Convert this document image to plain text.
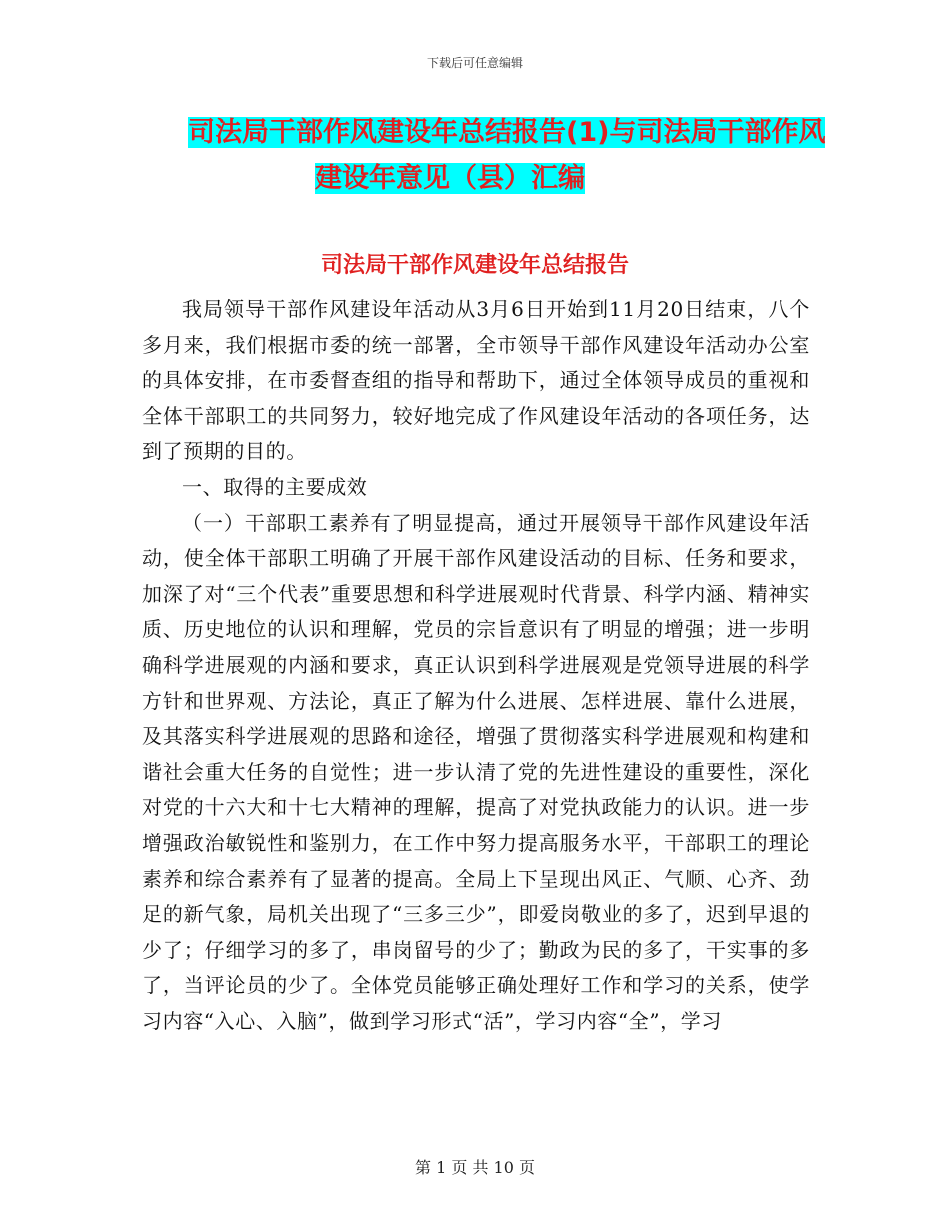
下载后可任意编辑
司法局干部作风建设年总结报告(1)与司法局干部作风
建设年意见（县）汇编
司法局干部作风建设年总结报告

我局领导干部作风建设年活动从3月6日开始到11月20日结束，八个多月来，我们根据市委的统一部署，全市领导干部作风建设年活动办公室的具体安排，在市委督查组的指导和帮助下，通过全体领导成员的重视和全体干部职工的共同努力，较好地完成了作风建设年活动的各项任务，达到了预期的目的。

一、取得的主要成效

（一）干部职工素养有了明显提高，通过开展领导干部作风建设年活动，使全体干部职工明确了开展干部作风建设活动的目标、任务和要求，加深了对“三个代表”重要思想和科学进展观时代背景、科学内涵、精神实质、历史地位的认识和理解，党员的宗旨意识有了明显的增强；进一步明确科学进展观的内涵和要求，真正认识到科学进展观是党领导进展的科学方针和世界观、方法论，真正了解为什么进展、怎样进展、靠什么进展，及其落实科学进展观的思路和途径，增强了贯彻落实科学进展观和构建和谐社会重大任务的自觉性；进一步认清了党的先进性建设的重要性，深化对党的十六大和十七大精神的理解，提高了对党执政能力的认识。进一步增强政治敏锐性和鉴别力，在工作中努力提高服务水平，干部职工的理论素养和综合素养有了显著的提高。全局上下呈现出风正、气顺、心齐、劲足的新气象，局机关出现了“三多三少”，即爱岗敬业的多了，迟到早退的少了；仔细学习的多了，串岗留号的少了；勤政为民的多了，干实事的多了，当评论员的少了。全体党员能够正确处理好工作和学习的关系，使学习内容“入心、入脑”，做到学习形式“活”，学习内容“全”，学习

第 1 页 共 10 页
